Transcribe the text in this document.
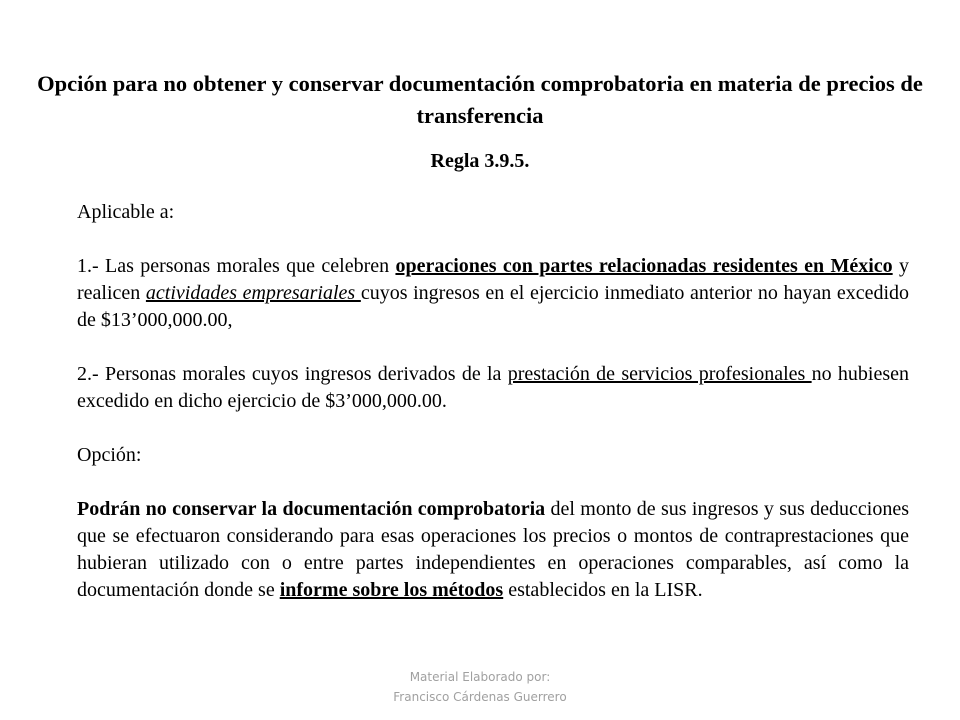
Opción para no obtener y conservar documentación comprobatoria en materia de precios de transferencia
Regla 3.9.5.

Aplicable a:

1.- Las personas morales que celebren operaciones con partes relacionadas residentes en México y realicen actividades empresariales cuyos ingresos en el ejercicio inmediato anterior no hayan excedido de $13’000,000.00,

2.- Personas morales cuyos ingresos derivados de la prestación de servicios profesionales no hubiesen excedido en dicho ejercicio de $3’000,000.00.

Opción:

Podrán no conservar la documentación comprobatoria del monto de sus ingresos y sus deducciones que se efectuaron considerando para esas operaciones los precios o montos de contraprestaciones que hubieran utilizado con o entre partes independientes en operaciones comparables, así como la documentación donde se informe sobre los métodos establecidos en la LISR.

Material Elaborado por:
Francisco Cárdenas Guerrero
